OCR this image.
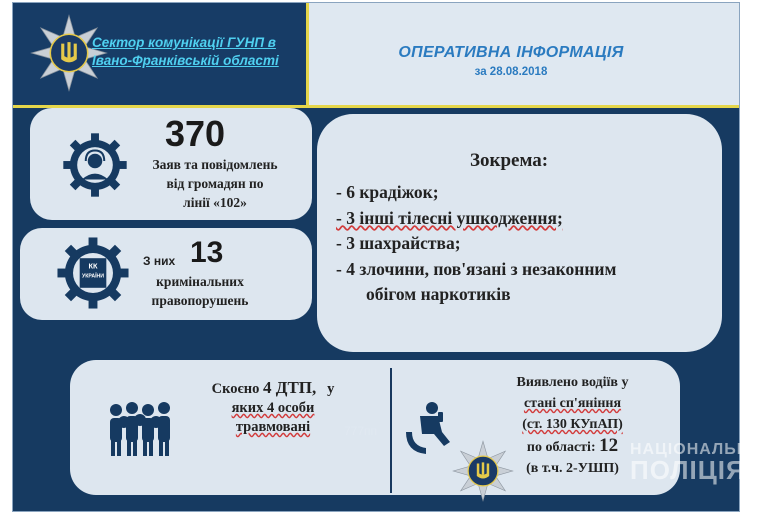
Сектор комунікації ГУНП в
Івано-Франківській області	ОПЕРАТИВНА ІНФОРМАЦІЯ
за 28.08.2018
370
Заяв та повідомлень
від громадян по
лінії «102»
КК
УКРАЇНИ
З них 13
кримінальних
правопорушень
Зокрема:
- 6 крадіжок;
- 3 інші тілесні ушкодження;
- 3 шахрайства;
- 4 злочини, пов'язані з незаконним
обігом наркотиків
Скоєно 4 ДТП, у
яких 4 особи
травмовані	777пп
Виявлено водіїв у
стані сп'яніння
(ст. 130 КУпАП)
по області: 12
(в т.ч. 2-УШП)
НАЦІОНАЛЬНА
ПОЛІЦІЯ
